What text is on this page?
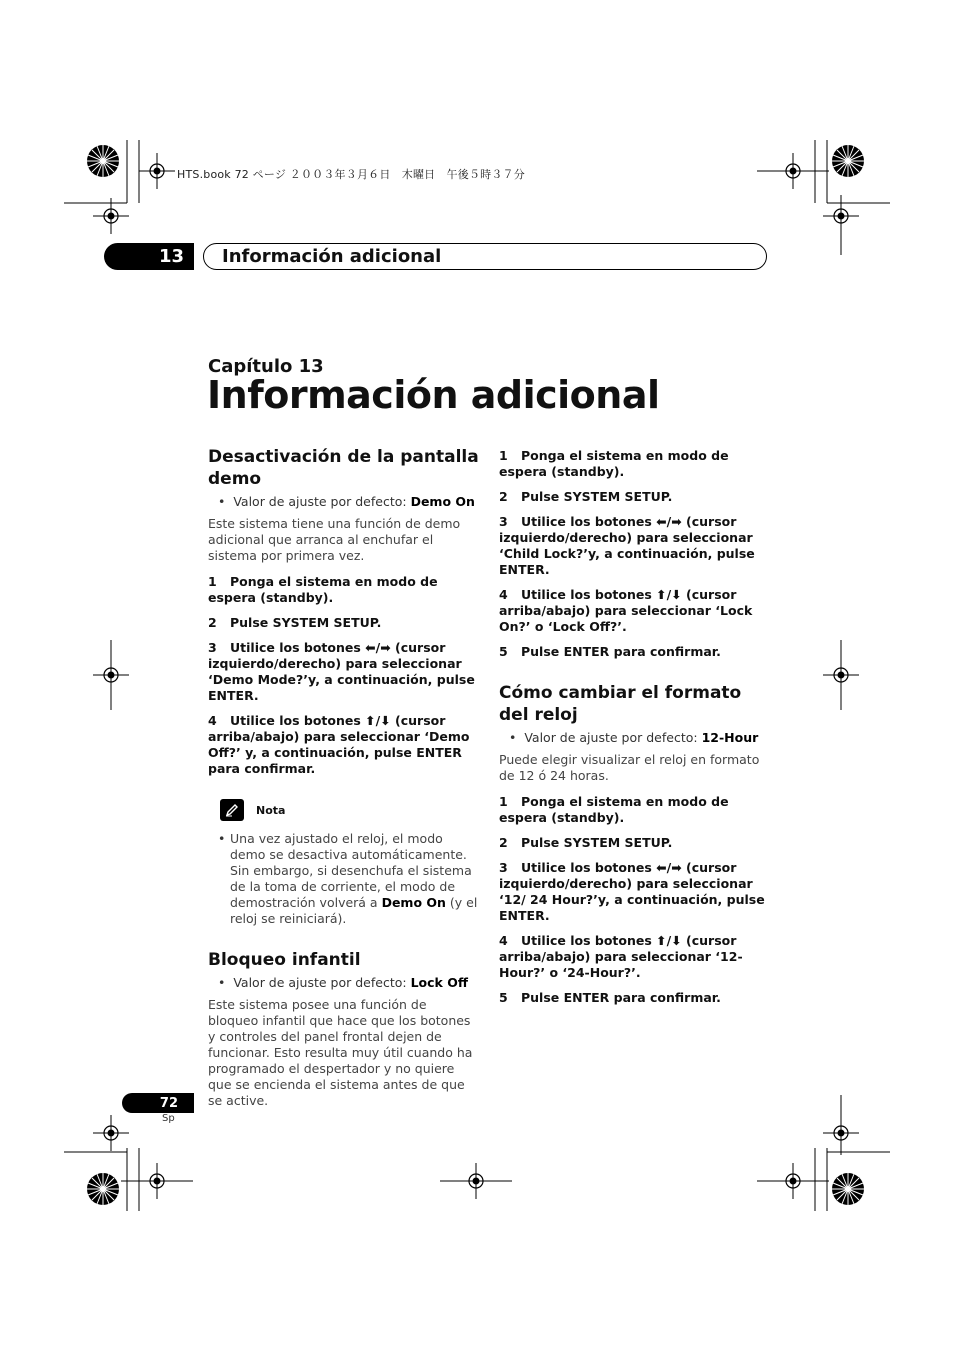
HTS.book 72 ページ ２００３年３月６日　木曜日　午後５時３７分
13 Información adicional
Capítulo 13
Información adicional
Desactivación de la pantalla demo
•  Valor de ajuste por defecto: Demo On

Este sistema tiene una función de demo adicional que arranca al enchufar el sistema por primera vez.

1 Ponga el sistema en modo de espera (standby).

2 Pulse SYSTEM SETUP.

3 Utilice los botones ⬅/➡ (cursor izquierdo/derecho) para seleccionar ‘Demo Mode?’y, a continuación, pulse ENTER.

4 Utilice los botones ⬆/⬇ (cursor arriba/abajo) para seleccionar ‘Demo Off?’ y, a continuación, pulse ENTER para confirmar.

Nota

• Una vez ajustado el reloj, el modo demo se desactiva automáticamente. Sin embargo, si desenchufa el sistema de la toma de corriente, el modo de demostración volverá a Demo On (y el reloj se reiniciará).

Bloqueo infantil
•  Valor de ajuste por defecto: Lock Off

Este sistema posee una función de bloqueo infantil que hace que los botones y controles del panel frontal dejen de funcionar. Esto resulta muy útil cuando ha programado el despertador y no quiere que se encienda el sistema antes de que se active.

1 Ponga el sistema en modo de espera (standby).

2 Pulse SYSTEM SETUP.

3 Utilice los botones ⬅/➡ (cursor izquierdo/derecho) para seleccionar ‘Child Lock?’y, a continuación, pulse ENTER.

4 Utilice los botones ⬆/⬇ (cursor arriba/abajo) para seleccionar ‘Lock On?’ o ‘Lock Off?’.

5 Pulse ENTER para confirmar.

Cómo cambiar el formato del reloj
•  Valor de ajuste por defecto: 12-Hour

Puede elegir visualizar el reloj en formato de 12 ó 24 horas.

1 Ponga el sistema en modo de espera (standby).

2 Pulse SYSTEM SETUP.

3 Utilice los botones ⬅/➡ (cursor izquierdo/derecho) para seleccionar ‘12/ 24 Hour?’y, a continuación, pulse ENTER.

4 Utilice los botones ⬆/⬇ (cursor arriba/abajo) para seleccionar ‘12-Hour?’ o ‘24-Hour?’.

5 Pulse ENTER para confirmar.

72
Sp
